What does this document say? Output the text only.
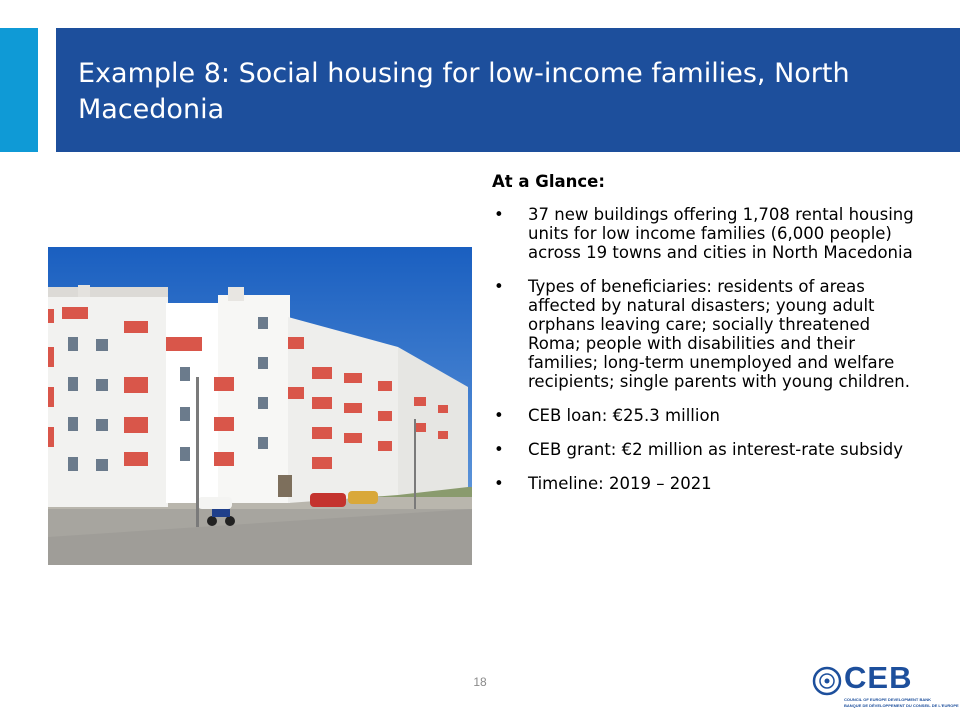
Example 8: Social housing for low-income families, North Macedonia
At a Glance:
• 37 new buildings offering 1,708 rental housing units for low income families (6,000 people) across 19 towns and cities in North Macedonia
• Types of beneficiaries: residents of areas affected by natural disasters; young adult orphans leaving care; socially threatened Roma; people with disabilities and their families; long-term unemployed and welfare recipients; single parents with young children.
• CEB loan: €25.3 million
• CEB grant: €2 million as interest-rate subsidy
• Timeline: 2019 – 2021
18	CEB
COUNCIL OF EUROPE DEVELOPMENT BANK
BANQUE DE DÉVELOPPEMENT DU CONSEIL DE L'EUROPE
